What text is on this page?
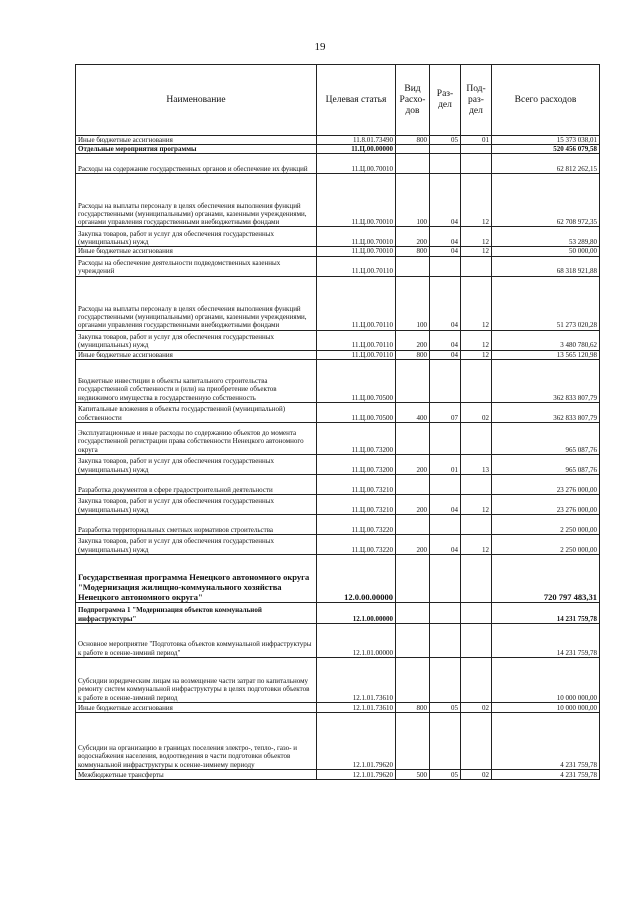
19
Наименование	Целевая статья	Вид Расхо-дов	Раз-дел	Под-раз-дел	Всего расходов
Иные бюджетные ассигнования	11.8.01.73490	800	05	01	15 373 038,01
Отдельные мероприятия программы	11.Ц.00.00000				520 456 079,58
Расходы на содержание государственных органов и обеспечение их функций	11.Ц.00.70010				62 812 262,15
Расходы на выплаты персоналу в целях обеспечения выполнения функций государственными (муниципальными) органами, казенными учреждениями, органами управления государственными внебюджетными фондами	11.Ц.00.70010	100	04	12	62 708 972,35
Закупка товаров, работ и услуг для обеспечения государственных (муниципальных) нужд	11.Ц.00.70010	200	04	12	53 289,80
Иные бюджетные ассигнования	11.Ц.00.70010	800	04	12	50 000,00
Расходы на обеспечение деятельности подведомственных казенных учреждений	11.Ц.00.70110				68 318 921,88
Расходы на выплаты персоналу в целях обеспечения выполнения функций государственными (муниципальными) органами, казенными учреждениями, органами управления государственными внебюджетными фондами	11.Ц.00.70110	100	04	12	51 273 020,28
Закупка товаров, работ и услуг для обеспечения государственных (муниципальных) нужд	11.Ц.00.70110	200	04	12	3 480 780,62
Иные бюджетные ассигнования	11.Ц.00.70110	800	04	12	13 565 120,98
Бюджетные инвестиции в объекты капитального строительства государственной собственности и (или) на приобретение объектов недвижимого имущества в государственную собственность	11.Ц.00.70500				362 833 807,79
Капитальные вложения в объекты государственной (муниципальной) собственности	11.Ц.00.70500	400	07	02	362 833 807,79
Эксплуатационные и иные расходы по содержанию объектов до момента государственной регистрации права собственности Ненецкого автономного округа	11.Ц.00.73200				965 087,76
Закупка товаров, работ и услуг для обеспечения государственных (муниципальных) нужд	11.Ц.00.73200	200	01	13	965 087,76
Разработка документов в сфере градостроительной деятельности	11.Ц.00.73210				23 276 000,00
Закупка товаров, работ и услуг для обеспечения государственных (муниципальных) нужд	11.Ц.00.73210	200	04	12	23 276 000,00
Разработка территориальных сметных нормативов строительства	11.Ц.00.73220				2 250 000,00
Закупка товаров, работ и услуг для обеспечения государственных (муниципальных) нужд	11.Ц.00.73220	200	04	12	2 250 000,00
Государственная программа Ненецкого автономного округа "Модернизация жилищно-коммунального хозяйства Ненецкого автономного округа"	12.0.00.00000				720 797 483,31
Подпрограмма 1 "Модернизация объектов коммунальной инфраструктуры"	12.1.00.00000				14 231 759,78
Основное мероприятие "Подготовка объектов коммунальной инфраструктуры к работе в осенне-зимний период"	12.1.01.00000				14 231 759,78
Субсидии юридическим лицам на возмещение части затрат по капитальному ремонту систем коммунальной инфраструктуры в целях подготовки объектов к работе в осенне-зимний период	12.1.01.73610				10 000 000,00
Иные бюджетные ассигнования	12.1.01.73610	800	05	02	10 000 000,00
Субсидии на организацию в границах поселения электро-, тепло-, газо- и водоснабжения населения, водоотведения в части подготовки объектов коммунальной инфраструктуры к осенне-зимнему периоду	12.1.01.79620				4 231 759,78
Межбюджетные трансферты	12.1.01.79620	500	05	02	4 231 759,78
